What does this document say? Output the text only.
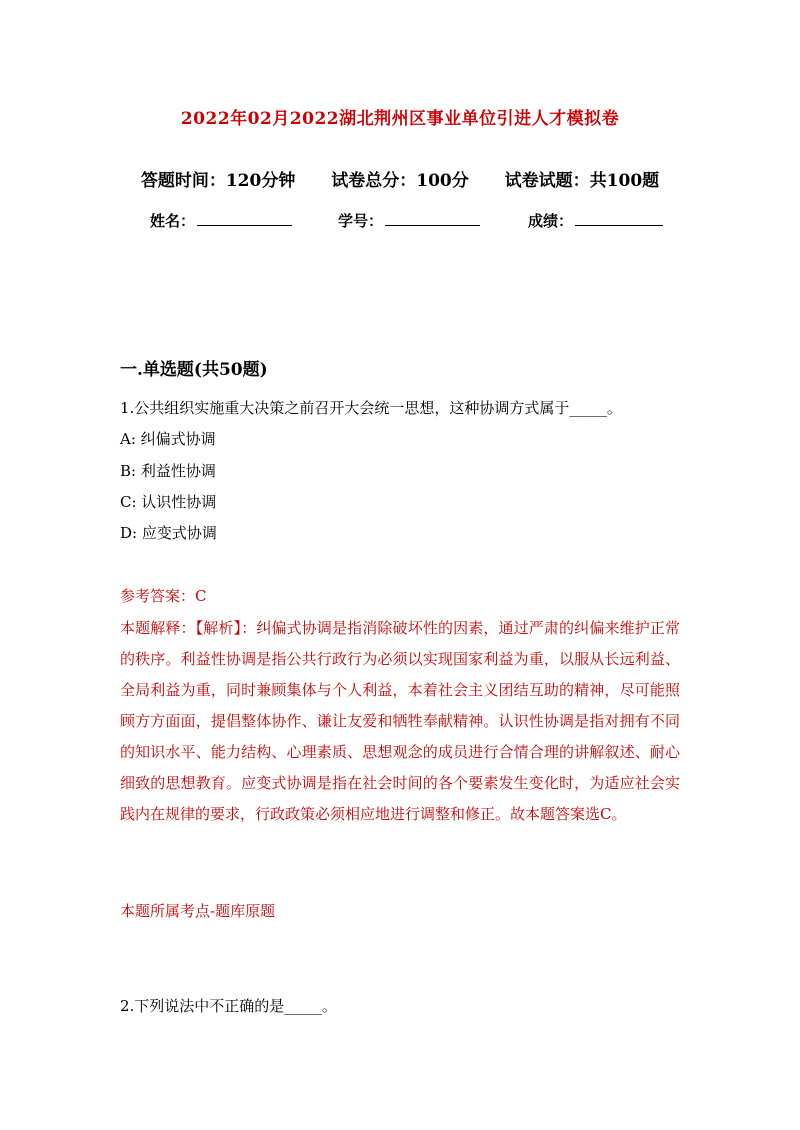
2022年02月2022湖北荆州区事业单位引进人才模拟卷
答题时间：120分钟 试卷总分：100分 试卷试题：共100题
姓名：	学号：	成绩：
一.单选题(共50题)
1.公共组织实施重大决策之前召开大会统一思想，这种协调方式属于_____。
A: 纠偏式协调
B: 利益性协调
C: 认识性协调
D: 应变式协调
参考答案：C
本题解释：【解析】：纠偏式协调是指消除破坏性的因素，通过严肃的纠偏来维护正常的秩序。利益性协调是指公共行政行为必须以实现国家利益为重，以服从长远利益、全局利益为重，同时兼顾集体与个人利益，本着社会主义团结互助的精神，尽可能照顾方方面面，提倡整体协作、谦让友爱和牺牲奉献精神。认识性协调是指对拥有不同的知识水平、能力结构、心理素质、思想观念的成员进行合情合理的讲解叙述、耐心细致的思想教育。应变式协调是指在社会时间的各个要素发生变化时，为适应社会实践内在规律的要求，行政政策必须相应地进行调整和修正。故本题答案选C。
本题所属考点-题库原题
2.下列说法中不正确的是_____。
